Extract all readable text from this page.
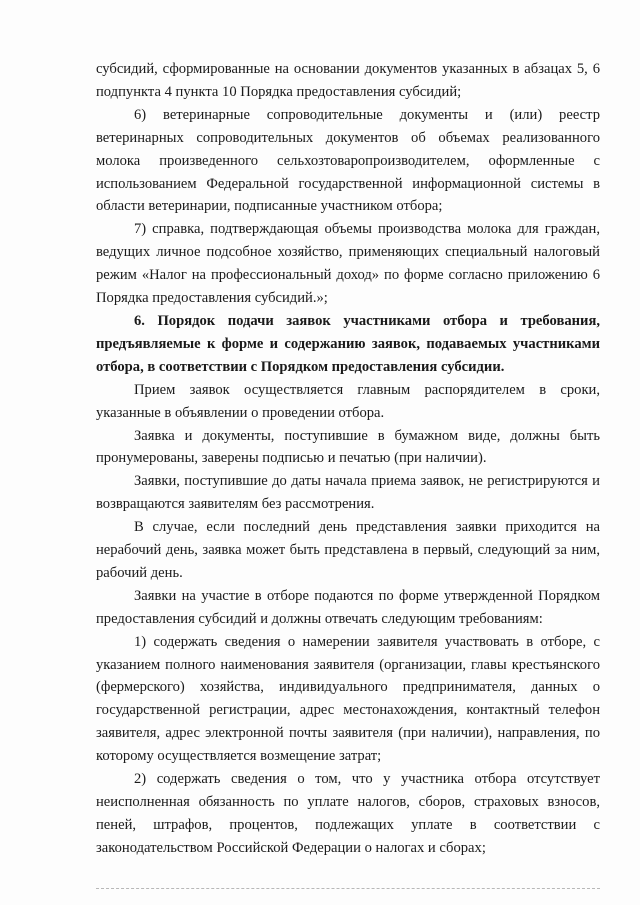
субсидий, сформированные на основании документов указанных в абзацах 5, 6 подпункта 4 пункта 10 Порядка предоставления субсидий;

6) ветеринарные сопроводительные документы и (или) реестр ветеринарных сопроводительных документов об объемах реализованного молока произведенного сельхозтоваропроизводителем, оформленные с использованием Федеральной государственной информационной системы в области ветеринарии, подписанные участником отбора;

7) справка, подтверждающая объемы производства молока для граждан, ведущих личное подсобное хозяйство, применяющих специальный налоговый режим «Налог на профессиональный доход» по форме согласно приложению 6 Порядка предоставления субсидий.»;

6. Порядок подачи заявок участниками отбора и требования, предъявляемые к форме и содержанию заявок, подаваемых участниками отбора, в соответствии с Порядком предоставления субсидии.

Прием заявок осуществляется главным распорядителем в сроки, указанные в объявлении о проведении отбора.

Заявка и документы, поступившие в бумажном виде, должны быть пронумерованы, заверены подписью и печатью (при наличии).

Заявки, поступившие до даты начала приема заявок, не регистрируются и возвращаются заявителям без рассмотрения.

В случае, если последний день представления заявки приходится на нерабочий день, заявка может быть представлена в первый, следующий за ним, рабочий день.

Заявки на участие в отборе подаются по форме утвержденной Порядком предоставления субсидий и должны отвечать следующим требованиям:

1) содержать сведения о намерении заявителя участвовать в отборе, с указанием полного наименования заявителя (организации, главы крестьянского (фермерского) хозяйства, индивидуального предпринимателя, данных о государственной регистрации, адрес местонахождения, контактный телефон заявителя, адрес электронной почты заявителя (при наличии), направления, по которому осуществляется возмещение затрат;

2) содержать сведения о том, что у участника отбора отсутствует неисполненная обязанность по уплате налогов, сборов, страховых взносов, пеней, штрафов, процентов, подлежащих уплате в соответствии с законодательством Российской Федерации о налогах и сборах;
